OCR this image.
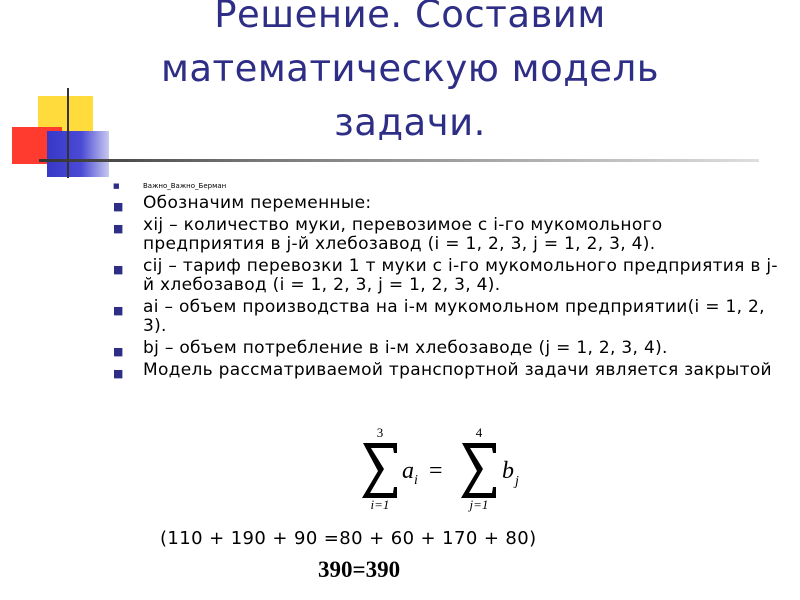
Решение. Составим
математическую модель
задачи.
■	Важно_Важно_Берман
■ Обозначим переменные:
■ xij – количество муки, перевозимое с i-го мукомольного предприятия в j-й хлебозавод (i = 1, 2, 3, j = 1, 2, 3, 4).
■ cij – тариф перевозки 1 т муки с i-го мукомольного предприятия в j-й хлебозавод (i = 1, 2, 3, j = 1, 2, 3, 4).
■ ai – объем производства на i-м мукомольном предприятии(i = 1, 2, 3).
■ bj – объем потребление в i-м хлебозаводе (j = 1, 2, 3, 4).
■ Модель рассматриваемой транспортной задачи является закрытой
3
i=1
a i =
4
j=1
b j
(110 + 190 + 90 =80 + 60 + 170 + 80)
390=390
